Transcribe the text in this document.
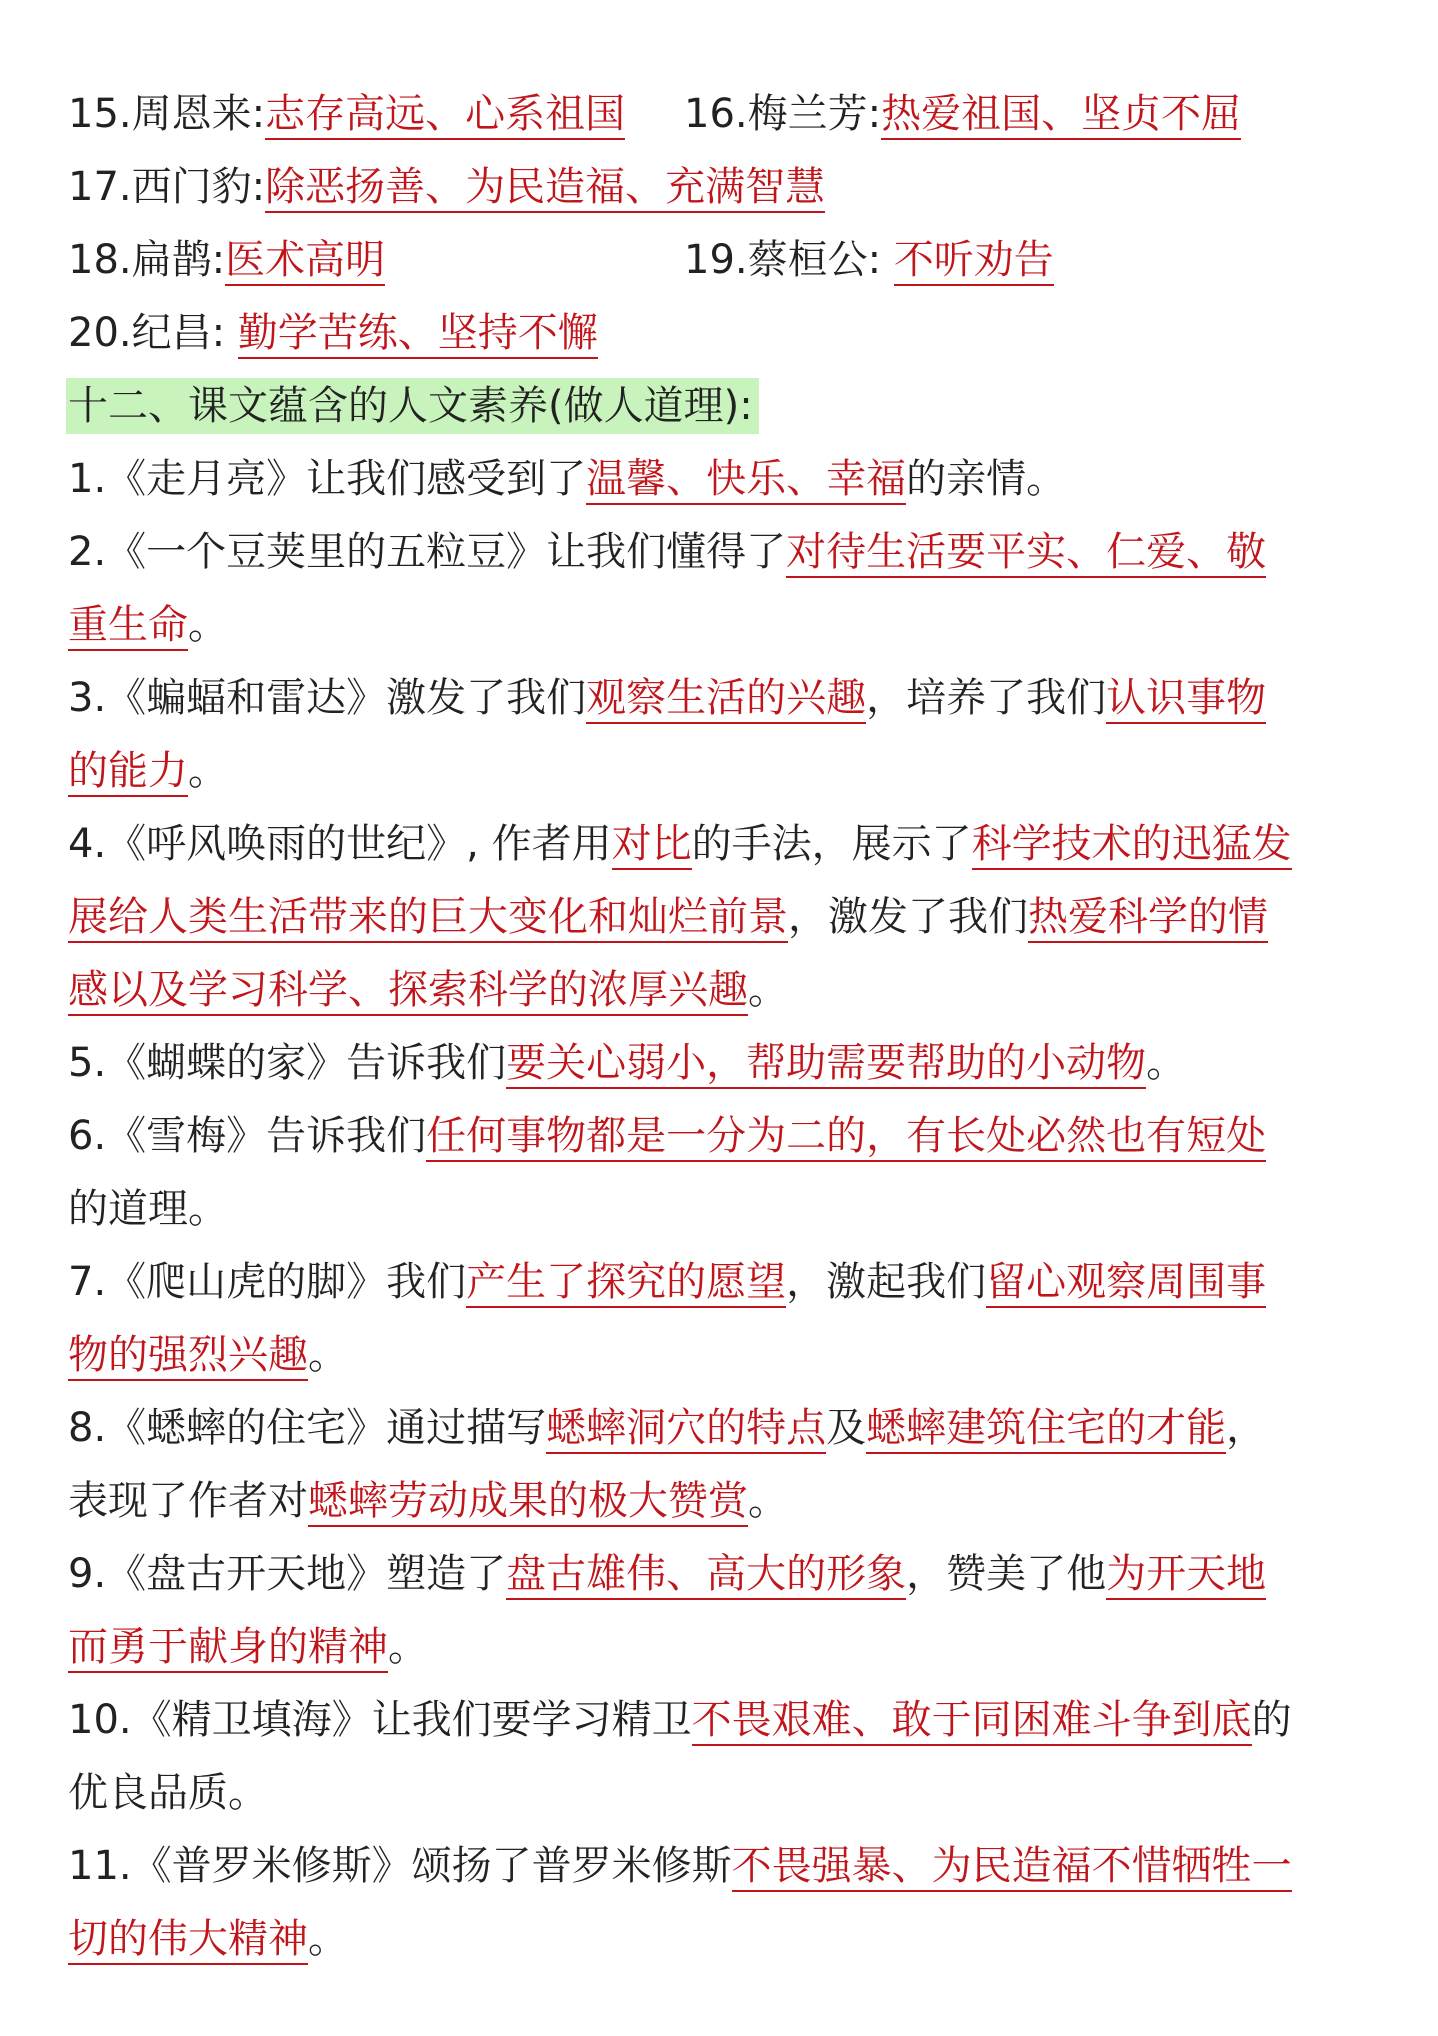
15.周恩来:志存高远、心系祖国 16.梅兰芳:热爱祖国、坚贞不屈
17.西门豹:除恶扬善、为民造福、充满智慧
18.扁鹊:医术高明	19.蔡桓公: 不听劝告
20.纪昌: 勤学苦练、坚持不懈
十二、课文蕴含的人文素养(做人道理):
1.《走月亮》让我们感受到了温馨、快乐、幸福的亲情。
2.《一个豆荚里的五粒豆》让我们懂得了对待生活要平实、仁爱、敬
重生命。
3.《蝙蝠和雷达》激发了我们观察生活的兴趣，培养了我们认识事物
的能力。
4.《呼风唤雨的世纪》, 作者用对比的手法，展示了科学技术的迅猛发
展给人类生活带来的巨大变化和灿烂前景，激发了我们热爱科学的情
感以及学习科学、探索科学的浓厚兴趣。
5.《蝴蝶的家》告诉我们要关心弱小，帮助需要帮助的小动物。
6.《雪梅》告诉我们任何事物都是一分为二的，有长处必然也有短处
的道理。
7.《爬山虎的脚》我们产生了探究的愿望，激起我们留心观察周围事
物的强烈兴趣。
8.《蟋蟀的住宅》通过描写蟋蟀洞穴的特点及蟋蟀建筑住宅的才能，
表现了作者对蟋蟀劳动成果的极大赞赏。
9.《盘古开天地》塑造了盘古雄伟、高大的形象，赞美了他为开天地
而勇于献身的精神。
10.《精卫填海》让我们要学习精卫不畏艰难、敢于同困难斗争到底的
优良品质。
11.《普罗米修斯》颂扬了普罗米修斯不畏强暴、为民造福不惜牺牲一
切的伟大精神。
